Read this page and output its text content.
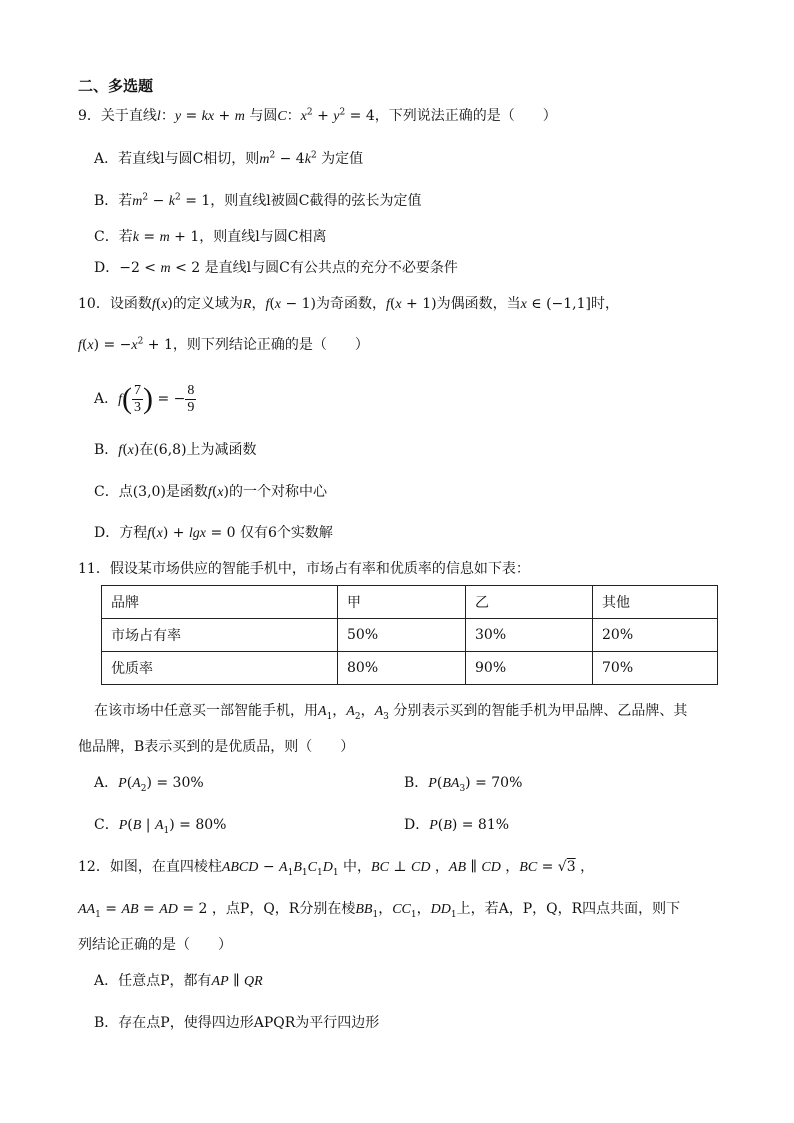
二、多选题
9．关于直线l：y = kx + m 与圆C：$x^2 + y^2 = 4$，下列说法正确的是（　　）
A．若直线l与圆C相切，则$m^2 - 4k^2$ 为定值
B．若$m^2 - k^2 = 1$，则直线l被圆C截得的弦长为定值
C．若k = m + 1，则直线l与圆C相离
D．−2 < m < 2 是直线l与圆C有公共点的充分不必要条件
10．设函数f(x)的定义域为R，f(x − 1)为奇函数，f(x + 1)为偶函数，当x ∈ (−1,1]时，
$f(x) = -x^2 + 1$，则下列结论正确的是（　　）
A．$f( \frac{7}{3}$ ) = − $\frac{8}{9}$
B．f(x)在(6,8)上为减函数
C．点(3,0)是函数f(x)的一个对称中心
D．方程f(x) + lgx = 0 仅有6个实数解
11．假设某市场供应的智能手机中，市场占有率和优质率的信息如下表：
品牌	甲	乙	其他
市场占有率	50%	30%	20%
优质率	80%	90%	70%
在该市场中任意买一部智能手机，用$A_1$，$A_2$，$A_3$ 分别表示买到的智能手机为甲品牌、乙品牌、其
他品牌，B表示买到的是优质品，则（　　）
A．$P(A_2) = 30\%$	B．$P(BA_3) = 70\%$
C．P(B | $A_1) = 80\%$	D．P(B) = 81%
12．如图，在直四棱柱ABCD − $A_1B_1C_1D_1$ 中，BC ⊥ CD ，AB ∥ CD ，BC = √3 ，
$AA_1$ = AB = AD = 2 ，点P，Q，R分别在棱$BB_1$，$CC_1$，$DD_1$上，若A，P，Q，R四点共面，则下
列结论正确的是（　　）
A．任意点P，都有AP ∥ QR
B．存在点P，使得四边形APQR为平行四边形
